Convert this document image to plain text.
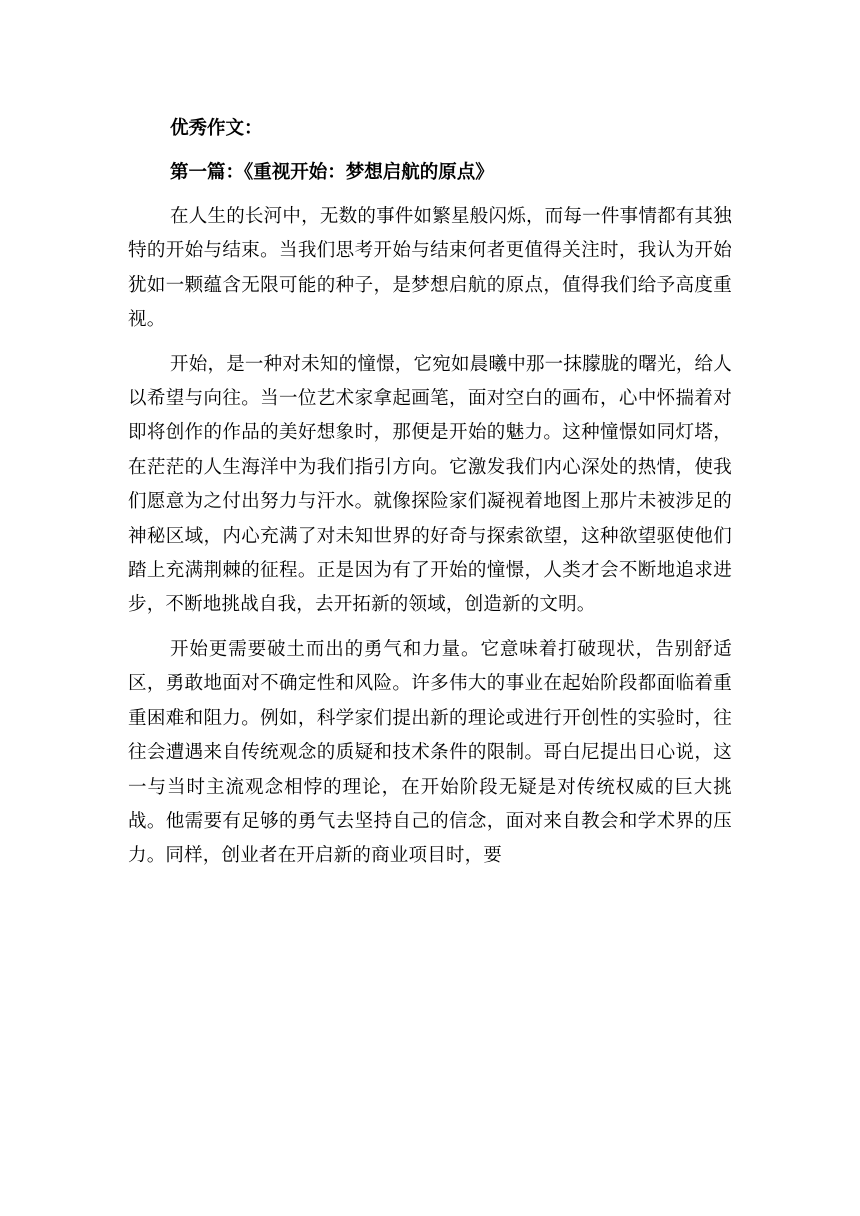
优秀作文：

第一篇：《重视开始：梦想启航的原点》

在人生的长河中，无数的事件如繁星般闪烁，而每一件事情都有其独特的开始与结束。当我们思考开始与结束何者更值得关注时，我认为开始犹如一颗蕴含无限可能的种子，是梦想启航的原点，值得我们给予高度重视。

开始，是一种对未知的憧憬，它宛如晨曦中那一抹朦胧的曙光，给人以希望与向往。当一位艺术家拿起画笔，面对空白的画布，心中怀揣着对即将创作的作品的美好想象时，那便是开始的魅力。这种憧憬如同灯塔，在茫茫的人生海洋中为我们指引方向。它激发我们内心深处的热情，使我们愿意为之付出努力与汗水。就像探险家们凝视着地图上那片未被涉足的神秘区域，内心充满了对未知世界的好奇与探索欲望，这种欲望驱使他们踏上充满荆棘的征程。正是因为有了开始的憧憬，人类才会不断地追求进步，不断地挑战自我，去开拓新的领域，创造新的文明。

开始更需要破土而出的勇气和力量。它意味着打破现状，告别舒适区，勇敢地面对不确定性和风险。许多伟大的事业在起始阶段都面临着重重困难和阻力。例如，科学家们提出新的理论或进行开创性的实验时，往往会遭遇来自传统观念的质疑和技术条件的限制。哥白尼提出日心说，这一与当时主流观念相悖的理论，在开始阶段无疑是对传统权威的巨大挑战。他需要有足够的勇气去坚持自己的信念，面对来自教会和学术界的压力。同样，创业者在开启新的商业项目时，要
